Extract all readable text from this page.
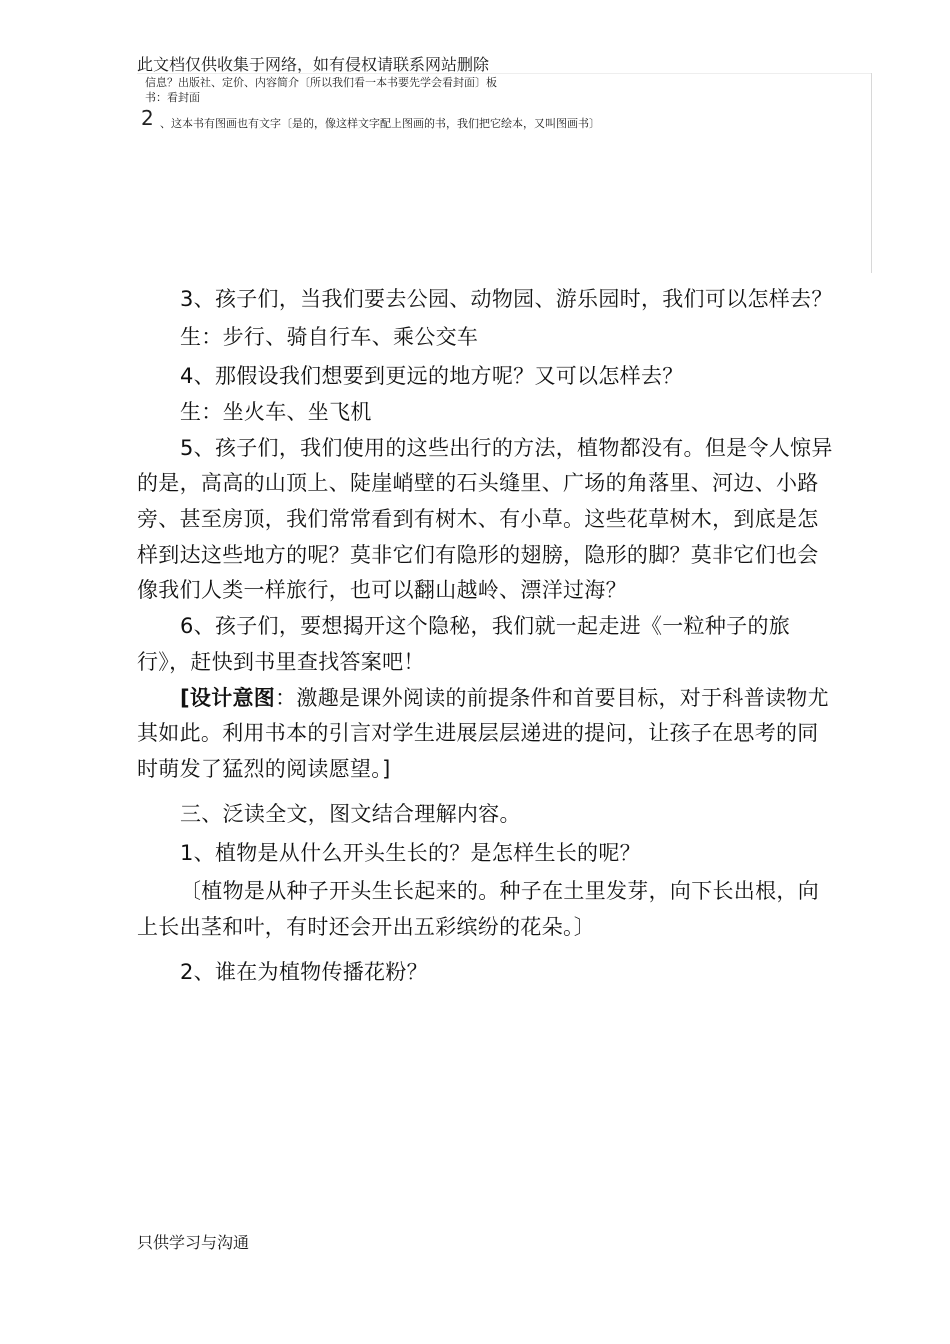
此文档仅供收集于网络，如有侵权请联系网站删除
信息？出版社、定价、内容简介〔所以我们看一本书要先学会看封面〕板
书：看封面
2 、这本书有图画也有文字〔是的，像这样文字配上图画的书，我们把它绘本，又叫图画书〕
3、孩子们，当我们要去公园、动物园、游乐园时，我们可以怎样去？
生：步行、骑自行车、乘公交车
4、那假设我们想要到更远的地方呢？又可以怎样去？
生：坐火车、坐飞机
5、孩子们，我们使用的这些出行的方法，植物都没有。但是令人惊异
的是，高高的山顶上、陡崖峭壁的石头缝里、广场的角落里、河边、小路
旁、甚至房顶，我们常常看到有树木、有小草。这些花草树木，到底是怎
样到达这些地方的呢？莫非它们有隐形的翅膀，隐形的脚？莫非它们也会
像我们人类一样旅行，也可以翻山越岭、漂洋过海？
6、孩子们，要想揭开这个隐秘，我们就一起走进《一粒种子的旅
行》，赶快到书里查找答案吧！
[设计意图：激趣是课外阅读的前提条件和首要目标，对于科普读物尤
其如此。利用书本的引言对学生进展层层递进的提问，让孩子在思考的同
时萌发了猛烈的阅读愿望。]
三、泛读全文，图文结合理解内容。
1、植物是从什么开头生长的？是怎样生长的呢？
〔植物是从种子开头生长起来的。种子在土里发芽，向下长出根，向
上长出茎和叶，有时还会开出五彩缤纷的花朵。〕
2、谁在为植物传播花粉？
只供学习与沟通
